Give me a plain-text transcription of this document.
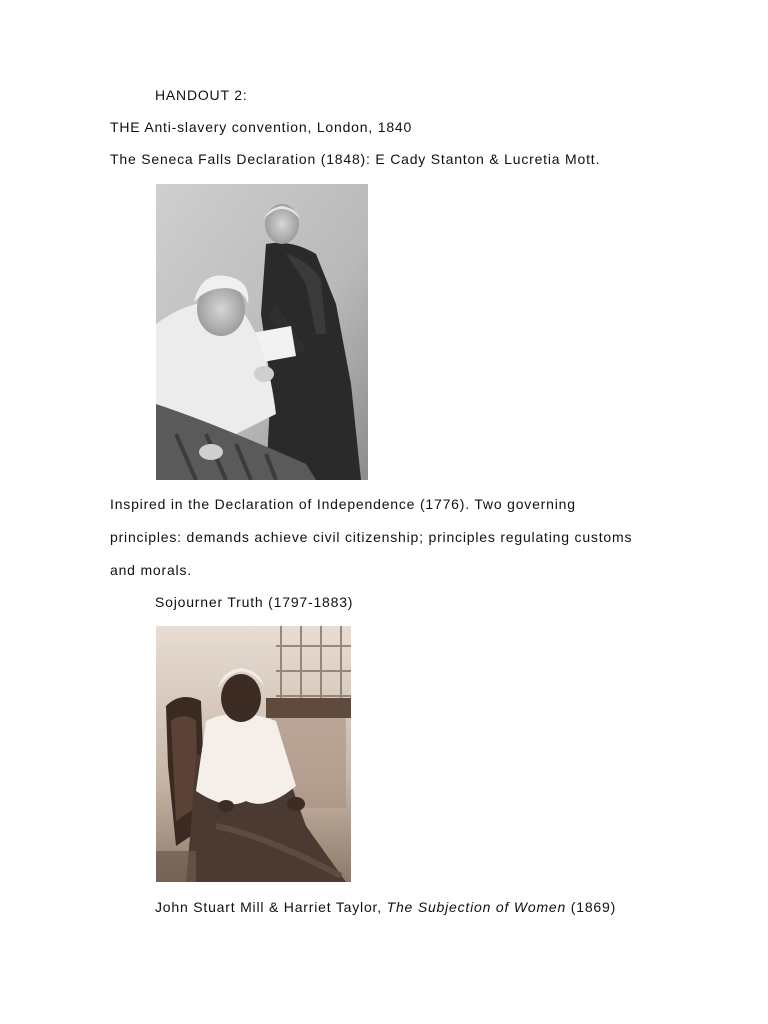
HANDOUT 2:
THE Anti-slavery convention, London, 1840
The Seneca Falls Declaration (1848): E Cady Stanton & Lucretia Mott.
Inspired in the Declaration of Independence (1776). Two governing
principles: demands achieve civil citizenship; principles regulating customs
and morals.
Sojourner Truth (1797-1883)
John Stuart Mill & Harriet Taylor, The Subjection of Women (1869)
